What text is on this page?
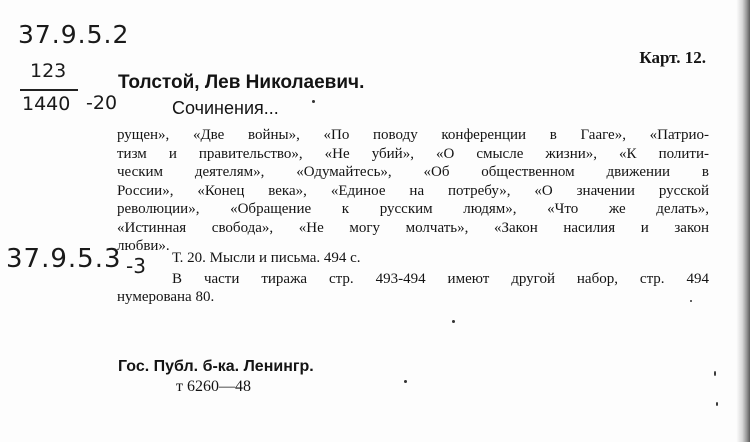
37.9.5.2
123
1440 -20
Карт. 12.
Толстой, Лев Николаевич.
Сочинения...

рущен», «Две войны», «По поводу конференции в Гааге», «Патрио-
тизм и правительство», «Не убий», «О смысле жизни», «К полити-
ческим деятелям», «Одумайтесь», «Об общественном движении в
России», «Конец века», «Единое на потребу», «О значении русской
революции», «Обращение к русским людям», «Что же делать»,
«Истинная свобода», «Не могу молчать», «Закон насилия и закон
любви».

37.9.5.3 -3 Т. 20. Мысли и письма. 494 с.

В части тиража стр. 493-494 имеют другой набор, стр. 494
нумерована 80.

Гос. Публ. б-ка. Ленингр.
т 6260—48
